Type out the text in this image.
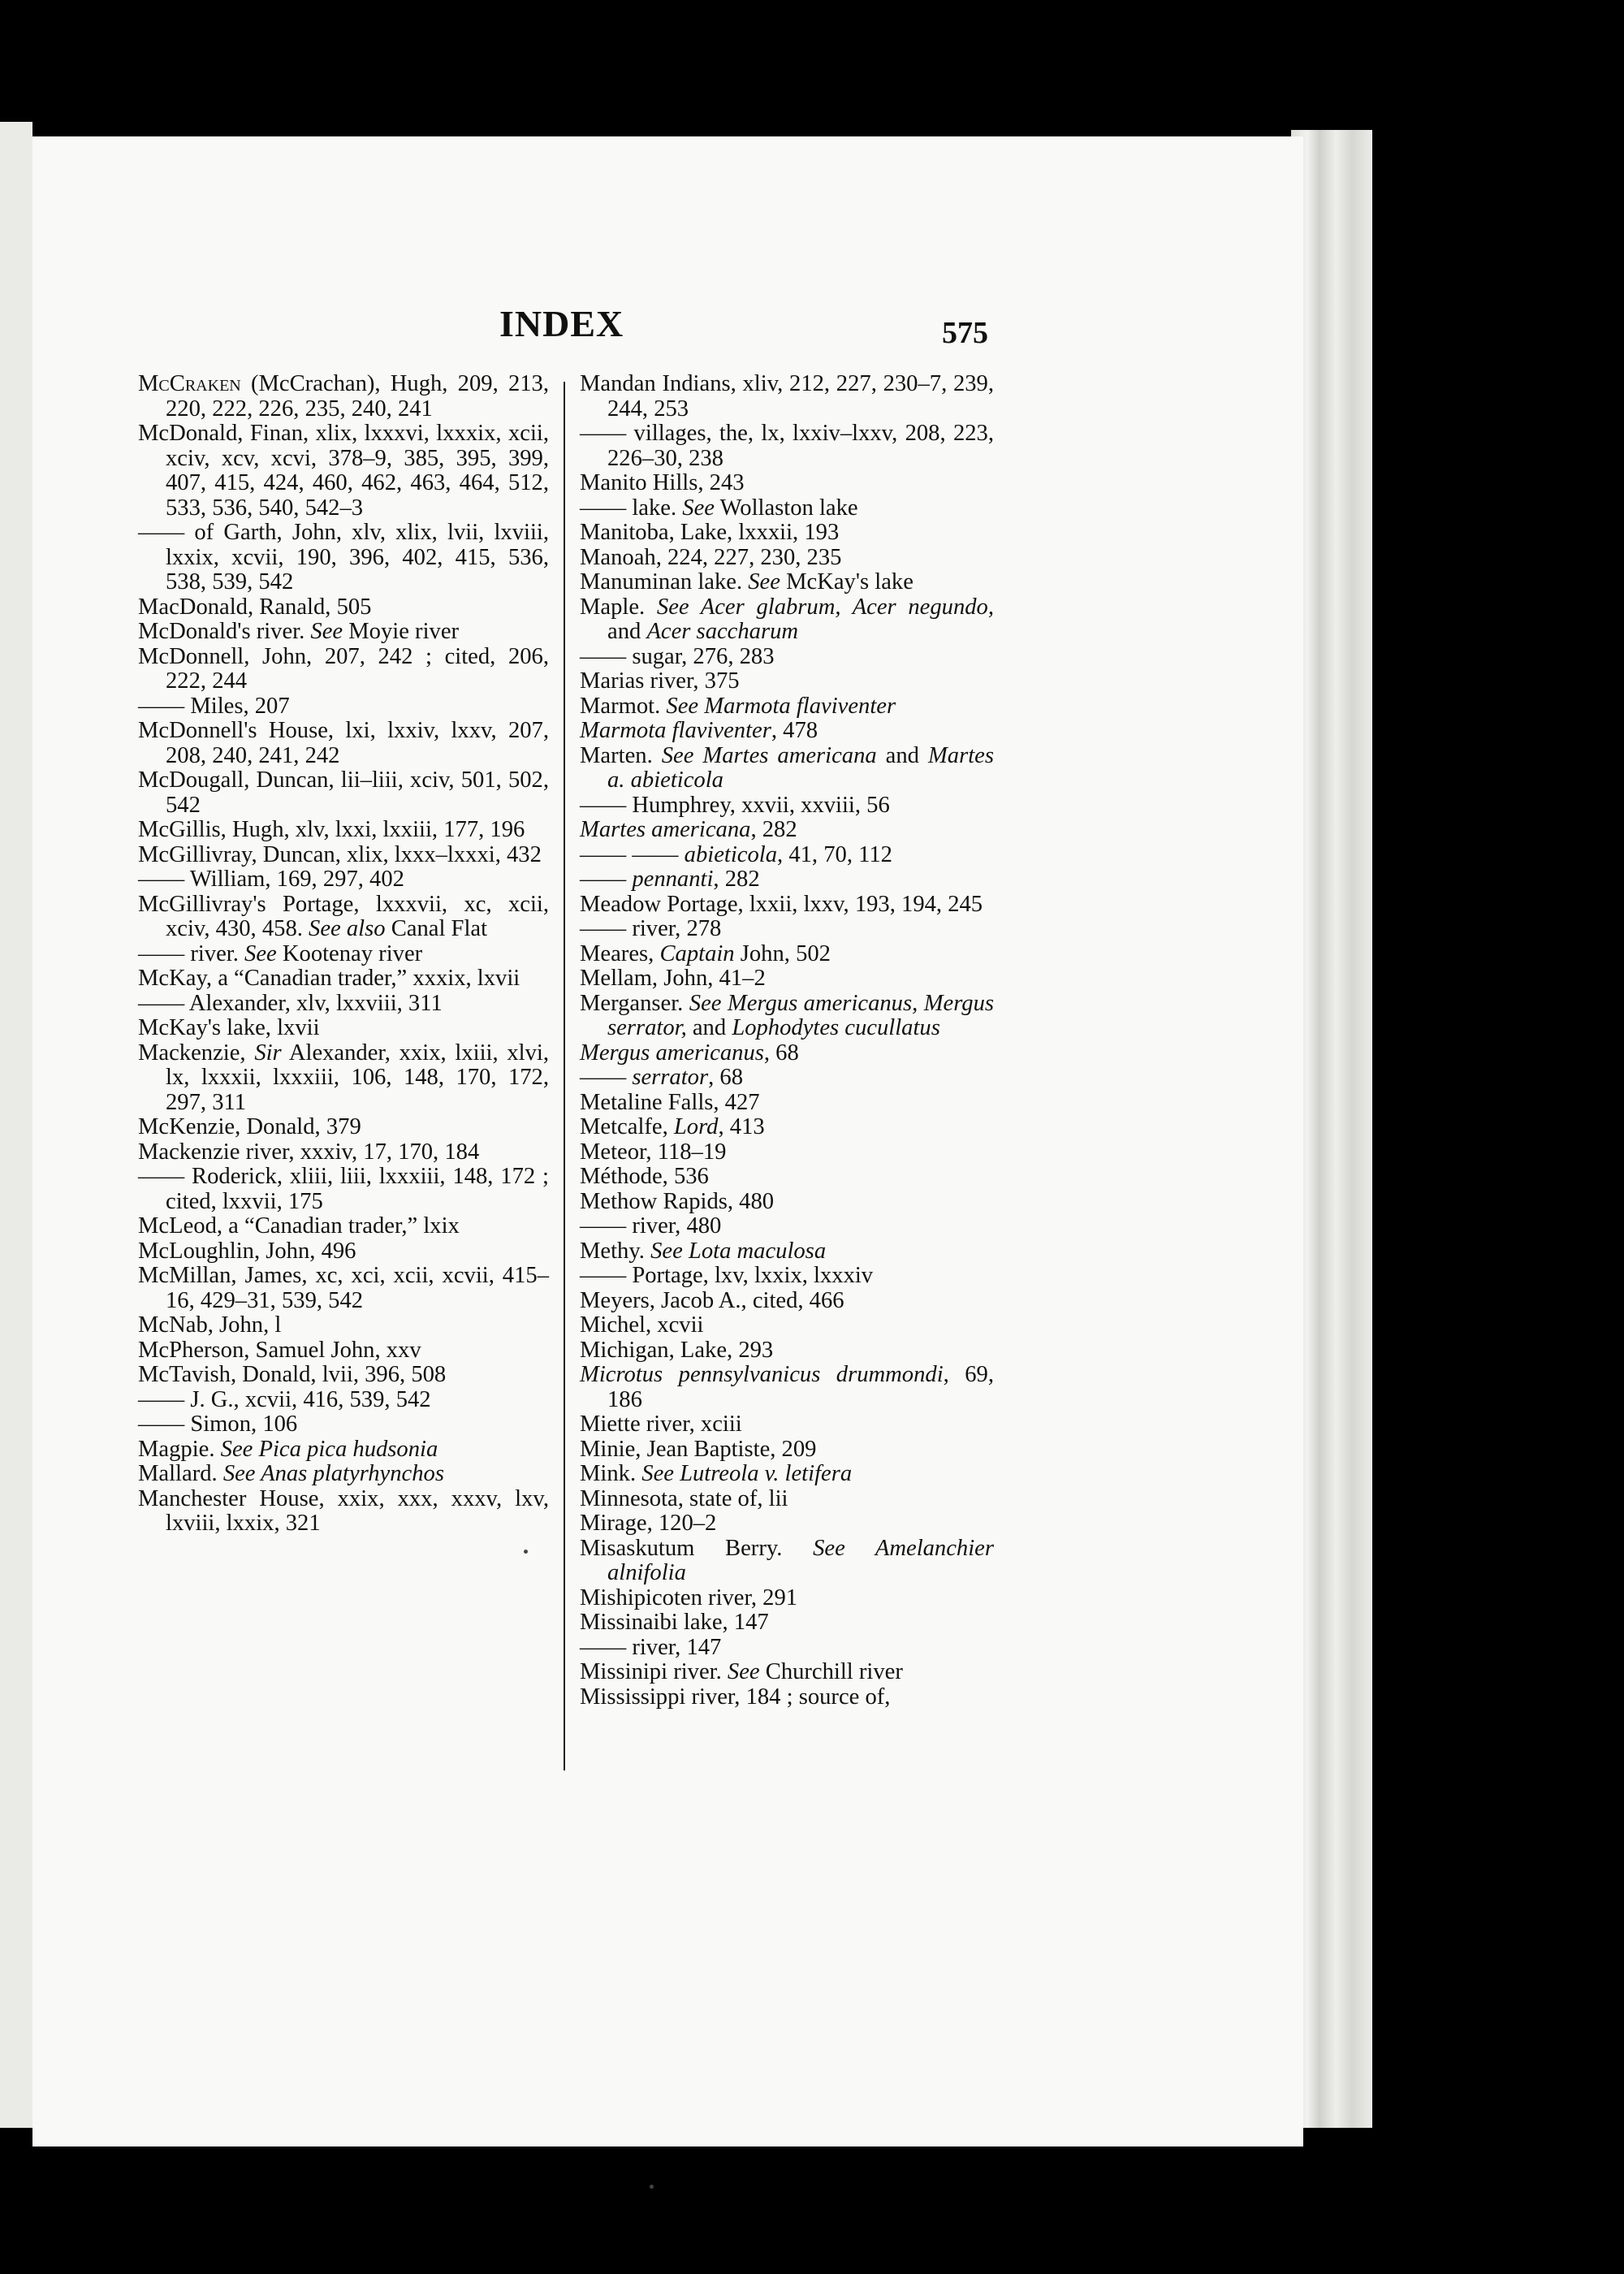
INDEX	575
McCraken (McCrachan), Hugh, 209, 213, 220, 222, 226, 235, 240, 241
McDonald, Finan, xlix, lxxxvi, lxxxix, xcii, xciv, xcv, xcvi, 378–9, 385, 395, 399, 407, 415, 424, 460, 462, 463, 464, 512, 533, 536, 540, 542–3
—— of Garth, John, xlv, xlix, lvii, lxviii, lxxix, xcvii, 190, 396, 402, 415, 536, 538, 539, 542
MacDonald, Ranald, 505
McDonald's river. See Moyie river
McDonnell, John, 207, 242 ; cited, 206, 222, 244
—— Miles, 207
McDonnell's House, lxi, lxxiv, lxxv, 207, 208, 240, 241, 242
McDougall, Duncan, lii–liii, xciv, 501, 502, 542
McGillis, Hugh, xlv, lxxi, lxxiii, 177, 196
McGillivray, Duncan, xlix, lxxx–lxxxi, 432
—— William, 169, 297, 402
McGillivray's Portage, lxxxvii, xc, xcii, xciv, 430, 458. See also Canal Flat
—— river. See Kootenay river
McKay, a “Canadian trader,” xxxix, lxvii
—— Alexander, xlv, lxxviii, 311
McKay's lake, lxvii
Mackenzie, Sir Alexander, xxix, lxiii, xlvi, lx, lxxxii, lxxxiii, 106, 148, 170, 172, 297, 311
McKenzie, Donald, 379
Mackenzie river, xxxiv, 17, 170, 184
—— Roderick, xliii, liii, lxxxiii, 148, 172 ; cited, lxxvii, 175
McLeod, a “Canadian trader,” lxix
McLoughlin, John, 496
McMillan, James, xc, xci, xcii, xcvii, 415–16, 429–31, 539, 542
McNab, John, l
McPherson, Samuel John, xxv
McTavish, Donald, lvii, 396, 508
—— J. G., xcvii, 416, 539, 542
—— Simon, 106
Magpie. See Pica pica hudsonia
Mallard. See Anas platyrhynchos
Manchester House, xxix, xxx, xxxv, lxv, lxviii, lxxix, 321
Mandan Indians, xliv, 212, 227, 230–7, 239, 244, 253
—— villages, the, lx, lxxiv–lxxv, 208, 223, 226–30, 238
Manito Hills, 243
—— lake. See Wollaston lake
Manitoba, Lake, lxxxii, 193
Manoah, 224, 227, 230, 235
Manuminan lake. See McKay's lake
Maple. See Acer glabrum, Acer negundo, and Acer saccharum
—— sugar, 276, 283
Marias river, 375
Marmot. See Marmota flaviventer
Marmota flaviventer, 478
Marten. See Martes americana and Martes a. abieticola
—— Humphrey, xxvii, xxviii, 56
Martes americana, 282
—— —— abieticola, 41, 70, 112
—— pennanti, 282
Meadow Portage, lxxii, lxxv, 193, 194, 245
—— river, 278
Meares, Captain John, 502
Mellam, John, 41–2
Merganser. See Mergus americanus, Mergus serrator, and Lophodytes cucullatus
Mergus americanus, 68
—— serrator, 68
Metaline Falls, 427
Metcalfe, Lord, 413
Meteor, 118–19
Méthode, 536
Methow Rapids, 480
—— river, 480
Methy. See Lota maculosa
—— Portage, lxv, lxxix, lxxxiv
Meyers, Jacob A., cited, 466
Michel, xcvii
Michigan, Lake, 293
Microtus pennsylvanicus drummondi, 69, 186
Miette river, xciii
Minie, Jean Baptiste, 209
Mink. See Lutreola v. letifera
Minnesota, state of, lii
Mirage, 120–2
Misaskutum Berry. See Amelanchier alnifolia
Mishipicoten river, 291
Missinaibi lake, 147
—— river, 147
Missinipi river. See Churchill river
Mississippi river, 184 ; source of,
